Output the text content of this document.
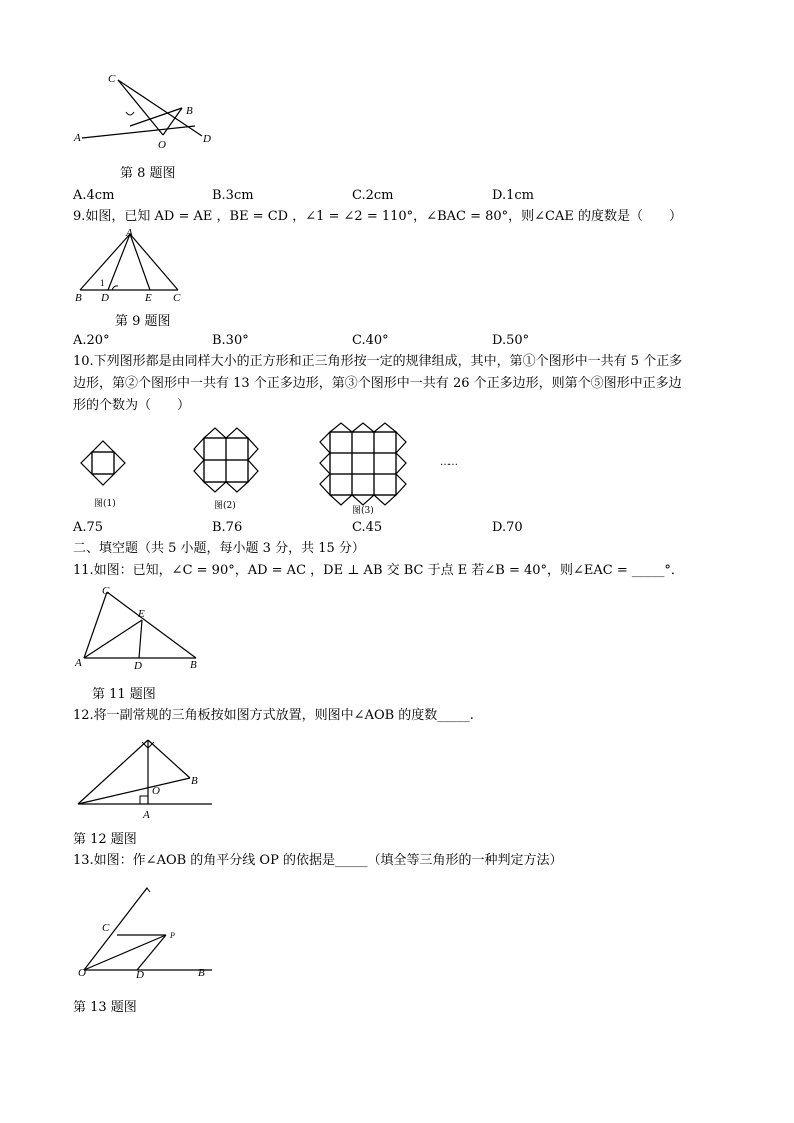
C
B
A
O	D
第 8 题图
A.4cm	B.3cm	C.2cm	D.1cm
9.如图，已知 AD = AE ，BE = CD ，∠1 = ∠2 = 110°，∠BAC = 80°，则∠CAE 的度数是（　　）
A
1
B D	E C
第 9 题图
A.20°	B.30°	C.40°	D.50°
10.下列图形都是由同样大小的正方形和正三角形按一定的规律组成，其中，第①个图形中一共有 5 个正多
边形，第②个图形中一共有 13 个正多边形，第③个图形中一共有 26 个正多边形，则第个⑤图形中正多边
形的个数为（　　）
图(1)	图(2)	图(3)
……
A.75	B.76	C.45	D.70
二、填空题（共 5 小题，每小题 3 分，共 15 分）
11.如图：已知，∠C = 90°，AD = AC ，DE ⊥ AB 交 BC 于点 E 若∠B = 40°，则∠EAC = _____°．
C
E
A	D	B
第 11 题图
12.将一副常规的三角板按如图方式放置，则图中∠AOB 的度数_____.
O
B
A
第 12 题图
13.如图：作∠AOB 的角平分线 OP 的依据是_____（填全等三角形的一种判定方法）
C
P
O	D	B
第 13 题图
